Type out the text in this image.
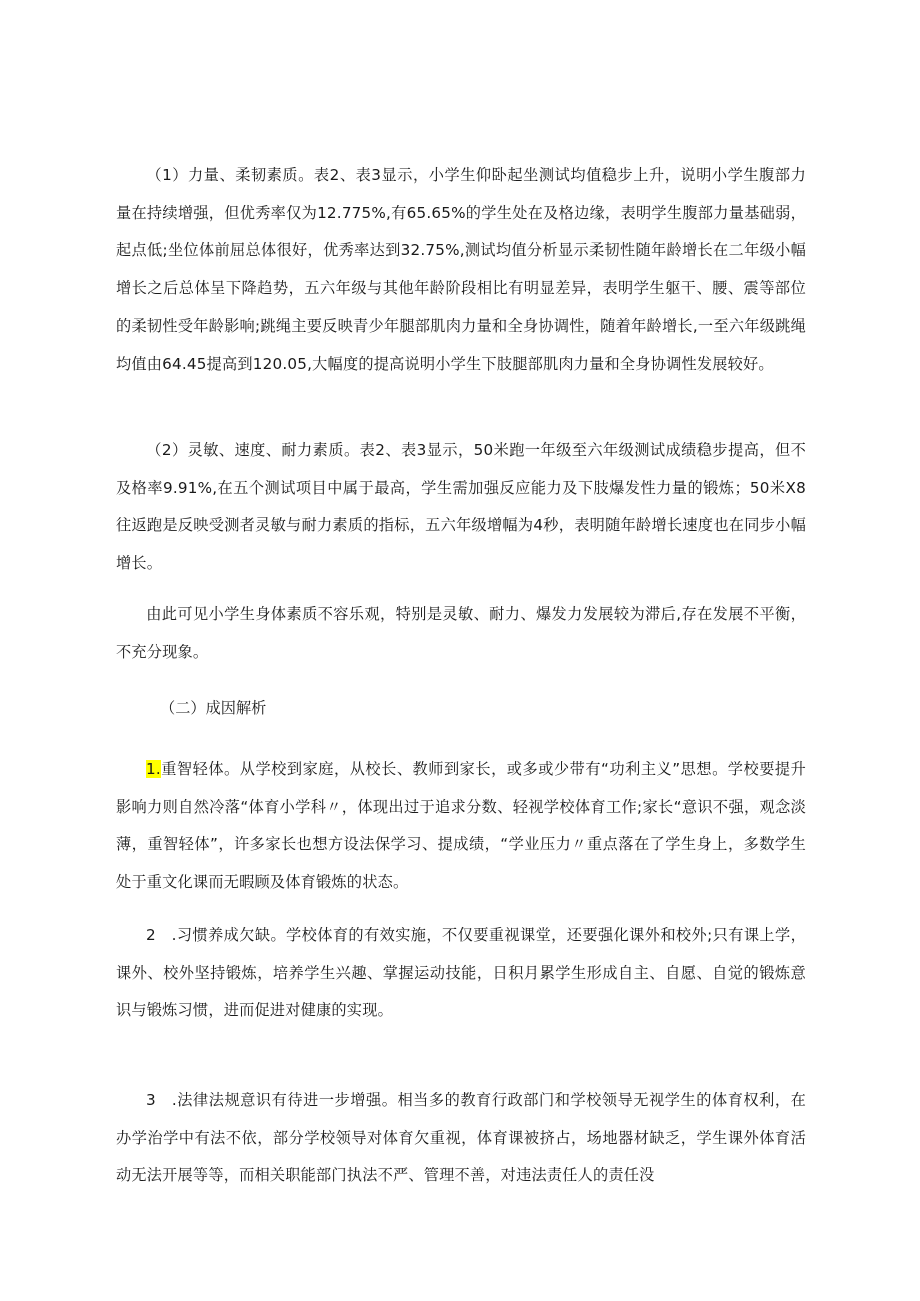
（1）力量、柔韧素质。表2、表3显示，小学生仰卧起坐测试均值稳步上升，说明小学生腹部力量在持续增强，但优秀率仅为12.775%,有65.65%的学生处在及格边缘，表明学生腹部力量基础弱，起点低;坐位体前屈总体很好，优秀率达到32.75%,测试均值分析显示柔韧性随年龄增长在二年级小幅增长之后总体呈下降趋势，五六年级与其他年龄阶段相比有明显差异，表明学生躯干、腰、震等部位的柔韧性受年龄影响;跳绳主要反映青少年腿部肌肉力量和全身协调性，随着年龄增长,一至六年级跳绳均值由64.45提高到120.05,大幅度的提高说明小学生下肢腿部肌肉力量和全身协调性发展较好。

（2）灵敏、速度、耐力素质。表2、表3显示，50米跑一年级至六年级测试成绩稳步提高，但不及格率9.91%,在五个测试项目中属于最高，学生需加强反应能力及下肢爆发性力量的锻炼；50米X8往返跑是反映受测者灵敏与耐力素质的指标，五六年级增幅为4秒，表明随年龄增长速度也在同步小幅增长。

由此可见小学生身体素质不容乐观，特别是灵敏、耐力、爆发力发展较为滞后,存在发展不平衡，不充分现象。

（二）成因解析

1.重智轻体。从学校到家庭，从校长、教师到家长，或多或少带有“功利主义”思想。学校要提升影响力则自然冷落“体育小学科〃，体现出过于追求分数、轻视学校体育工作;家长“意识不强，观念淡薄，重智轻体”，许多家长也想方设法保学习、提成绩，“学业压力〃重点落在了学生身上，多数学生处于重文化课而无暇顾及体育锻炼的状态。

2　.习惯养成欠缺。学校体育的有效实施，不仅要重视课堂，还要强化课外和校外;只有课上学，课外、校外坚持锻炼，培养学生兴趣、掌握运动技能，日积月累学生形成自主、自愿、自觉的锻炼意识与锻炼习惯，进而促进对健康的实现。

3　.法律法规意识有待进一步增强。相当多的教育行政部门和学校领导无视学生的体育权利，在办学治学中有法不依，部分学校领导对体育欠重视，体育课被挤占，场地器材缺乏，学生课外体育活动无法开展等等，而相关职能部门执法不严、管理不善，对违法责任人的责任没
